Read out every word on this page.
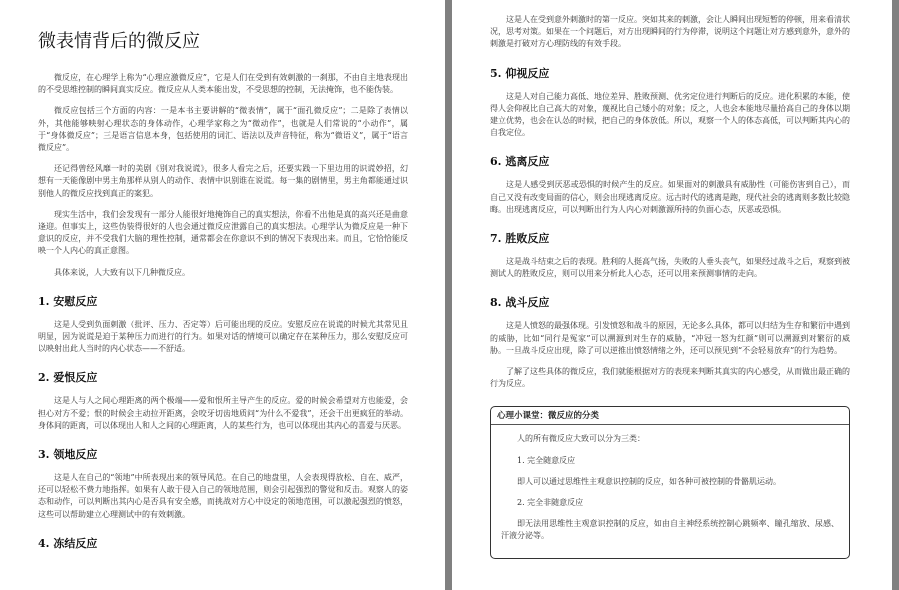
微表情背后的微反应

微反应，在心理学上称为“心理应激微反应”，它是人们在受到有效刺激的一刹那，不由自主地表现出的不受思维控制的瞬间真实反应。微反应从人类本能出发，不受思想的控制，无法掩饰，也不能伪装。

微反应包括三个方面的内容：一是本书主要讲解的“微表情”，属于“面孔微反应”；二是除了表情以外，其他能够映射心理状态的身体动作，心理学家称之为“微动作”，也就是人们常说的“小动作”，属于“身体微反应”；三是语言信息本身，包括使用的词汇、语法以及声音特征，称为“微语义”，属于“语言微反应”。

还记得曾经风靡一时的美剧《别对我说谎》，很多人看完之后，还要实践一下里边用的识谎妙招，幻想有一天能像剧中男主角那样从别人的动作、表情中识别谁在说谎。每一集的剧情里，男主角都能通过识别他人的微反应找到真正的案犯。

现实生活中，我们会发现有一部分人能很好地掩饰自己的真实想法，你看不出他是真的高兴还是曲意逢迎。但事实上，这些伪装得很好的人也会通过微反应泄露自己的真实想法。心理学认为微反应是一种下意识的反应，并不受我们大脑的理性控制，通常都会在你意识不到的情况下表现出来。而且，它恰恰能反映一个人内心的真正意图。

具体来说，人大致有以下几种微反应。

1. 安慰反应

这是人受到负面刺激（批评、压力、否定等）后可能出现的反应。安慰反应在说谎的时候尤其常见且明显，因为说谎是迫于某种压力而进行的行为。如果对话的情境可以确定存在某种压力，那么安慰反应可以映射出此人当时的内心状态——不舒适。

2. 爱恨反应

这是人与人之间心理距离的两个极端——爱和恨所主导产生的反应。爱的时候会希望对方也能爱，会担心对方不爱；恨的时候会主动拉开距离，会咬牙切齿地质问“为什么不爱我”，还会干出更疯狂的举动。身体间的距离，可以体现出人和人之间的心理距离，人的某些行为，也可以体现出其内心的喜爱与厌恶。

3. 领地反应

这是人在自己的“领地”中所表现出来的领导风范。在自己的地盘里，人会表现得放松、自在、威严，还可以轻松不费力地指挥。如果有人敢于侵入自己的领地范围，则会引起强烈的警觉和反击。观察人的姿态和动作，可以判断出其内心是否具有安全感，而挑战对方心中设定的领地范围，可以激起强烈的愤怒，这些可以帮助建立心理测试中的有效刺激。

4. 冻结反应

这是人在受到意外刺激时的第一反应。突如其来的刺激，会让人瞬间出现短暂的停顿，用来看清状况，思考对策。如果在一个问题后，对方出现瞬间的行为停滞，说明这个问题让对方感到意外，意外的刺激是打破对方心理防线的有效手段。

5. 仰视反应

这是人对自己能力高低、地位差异、胜败预测、优劣定位进行判断后的反应。进化积累的本能，使得人会仰视比自己高大的对象，蔑视比自己矮小的对象；反之，人也会本能地尽量拾高自己的身体以期建立优势，也会在认怂的时候，把自己的身体放低。所以，观察一个人的体态高低，可以判断其内心的自我定位。

6. 逃离反应

这是人感受到厌恶或恐惧的时候产生的反应。如果面对的刺激具有威胁性（可能伤害到自己），而自己又没有改变局面的信心，则会出现逃离反应。远古时代的逃离是跑，现代社会的逃离则多数比较隐晦。出现逃离反应，可以判断出行为人内心对刺激源所持的负面心态，厌恶或恐惧。

7. 胜败反应

这是战斗结束之后的表现。胜利的人挺高气扬，失败的人垂头丧气，如果经过战斗之后，观察到被测试人的胜败反应，则可以用来分析此人心态，还可以用来预测事情的走向。

8. 战斗反应

这是人愤怒的最强体现。引发愤怒和战斗的原因，无论多么具体，都可以归结为生存和繁衍中遇到的威胁，比如“同行是冤家”可以溯源到对生存的威胁，“冲冠一怒为红颜”则可以溯源到对繁衍的威胁。一旦战斗反应出现，除了可以逆推出愤怒情绪之外，还可以预见到“不会轻易放弃”的行为趋势。

了解了这些具体的微反应，我们就能根据对方的表现来判断其真实的内心感受，从而做出最正确的行为反应。

心理小课堂：微反应的分类

人的所有微反应大致可以分为三类：

1. 完全随意反应

即人可以通过思维性主观意识控制的反应，如各种可被控制的骨骼肌运动。

2. 完全非随意反应

即无法用思维性主观意识控制的反应，如由自主神经系统控制心跳频率、瞳孔缩放、尿感、汗液分泌等。
